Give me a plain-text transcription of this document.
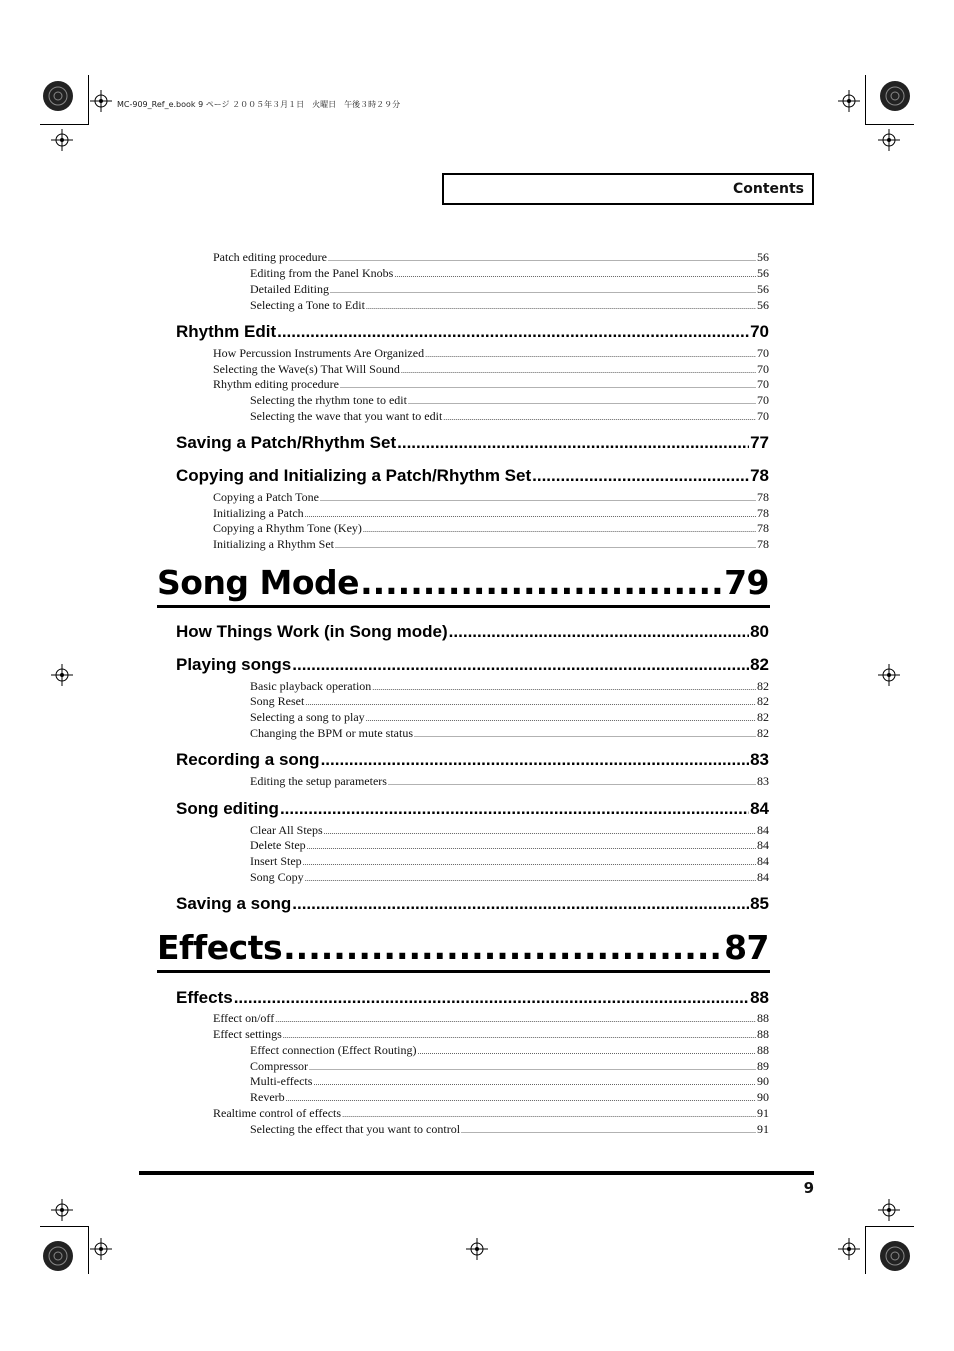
MC-909_Ref_e.book 9 ページ ２００５年３月１日　火曜日　午後３時２９分
Contents
Patch editing procedure .....	56
Editing from the Panel Knobs .....	56
Detailed Editing .....	56
Selecting a Tone to Edit .....	56
Rhythm Edit .....	70
How Percussion Instruments Are Organized .....	70
Selecting the Wave(s) That Will Sound .....	70
Rhythm editing procedure .....	70
Selecting the rhythm tone to edit .....	70
Selecting the wave that you want to edit .....	70
Saving a Patch/Rhythm Set .....	77
Copying and Initializing a Patch/Rhythm Set .....	78
Copying a Patch Tone .....	78
Initializing a Patch .....	78
Copying a Rhythm Tone (Key) .....	78
Initializing a Rhythm Set .....	78
Song Mode .....	79
How Things Work (in Song mode) .....	80
Playing songs .....	82
Basic playback operation .....	82
Song Reset .....	82
Selecting a song to play .....	82
Changing the BPM or mute status .....	82
Recording a song .....	83
Editing the setup parameters .....	83
Song editing .....	84
Clear All Steps .....	84
Delete Step .....	84
Insert Step .....	84
Song Copy .....	84
Saving a song .....	85
Effects .....	87
Effects .....	88
Effect on/off .....	88
Effect settings .....	88
Effect connection (Effect Routing) .....	88
Compressor .....	89
Multi-effects .....	90
Reverb .....	90
Realtime control of effects .....	91
Selecting the effect that you want to control .....	91
9
